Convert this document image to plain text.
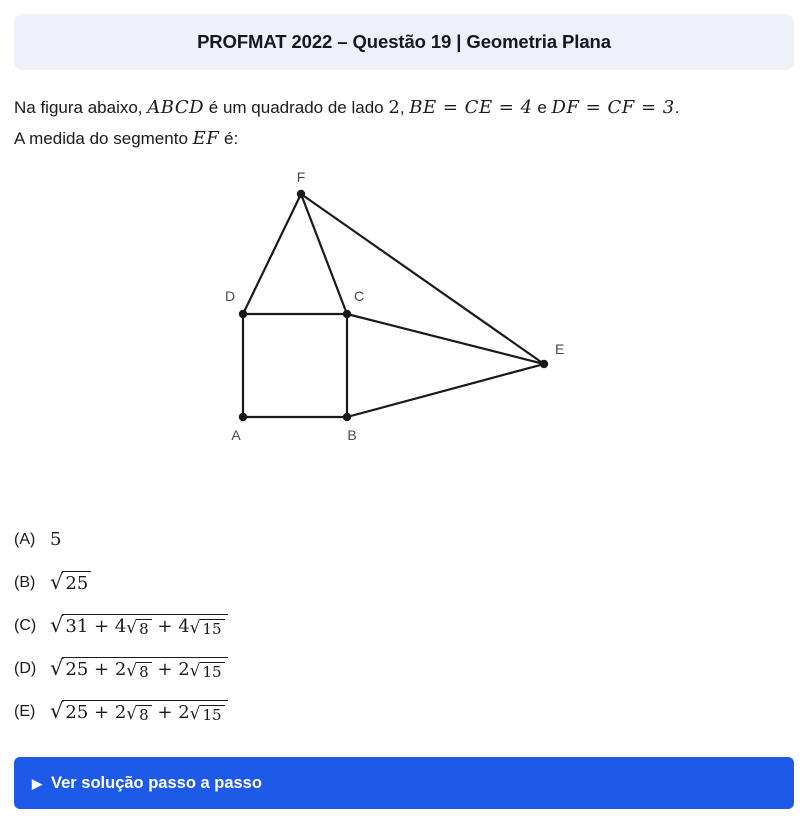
PROFMAT 2022 – Questão 19 | Geometria Plana
Na figura abaixo, ABCD é um quadrado de lado 2, BE = CE = 4 e DF = CF = 3.
A medida do segmento EF é:
A	B
C
D
E
F
(A) 5
(B) √ 25
(C) √ 31 + 4 √ 8 + 4 √ 15
(D) √ 25 + 2 √ 8 + 2 √ 15
(E) √ 25 + 2 √ 8 + 2 √ 15
▶ Ver solução passo a passo
